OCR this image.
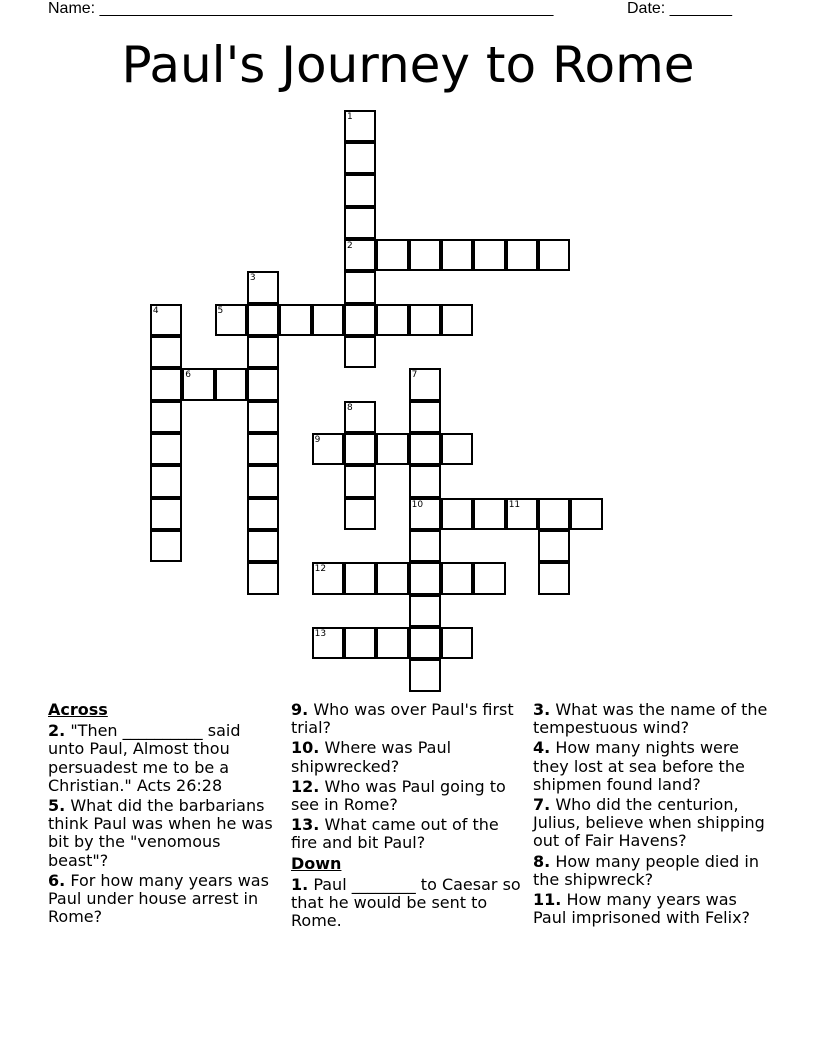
Name: ___________________________________________________	Date: _______
Paul's Journey to Rome
1
2
3
4	5
6	7
8
9
10	11
12
13

Across

2. "Then __________ said unto Paul, Almost thou persuadest me to be a Christian." Acts 26:28

5. What did the barbarians think Paul was when he was bit by the "venomous beast"?

6. For how many years was Paul under house arrest in Rome?

9. Who was over Paul's first trial?

10. Where was Paul shipwrecked?

12. Who was Paul going to see in Rome?

13. What came out of the fire and bit Paul?

Down

1. Paul ________ to Caesar so that he would be sent to Rome.

3. What was the name of the tempestuous wind?

4. How many nights were they lost at sea before the shipmen found land?

7. Who did the centurion, Julius, believe when shipping out of Fair Havens?

8. How many people died in the shipwreck?

11. How many years was Paul imprisoned with Felix?
